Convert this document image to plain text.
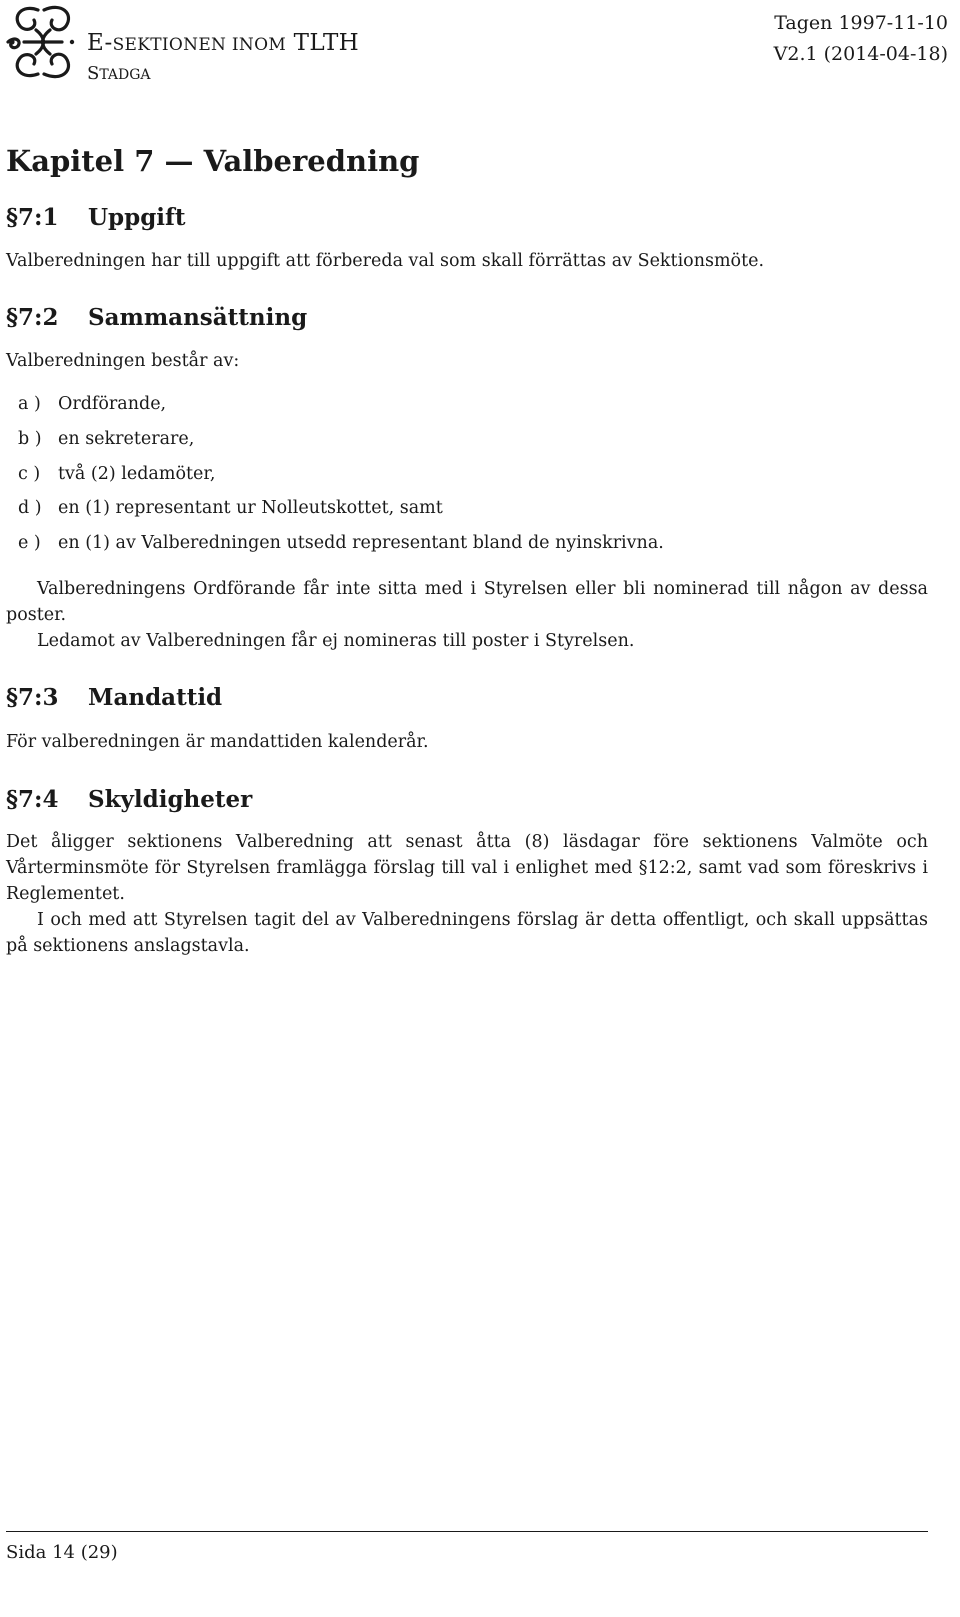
E-SEKTIONEN INOM TLTH
STADGA
Tagen 1997-11-10
V2.1 (2014-04-18)
Kapitel 7 — Valberedning
§7:1 Uppgift
Valberedningen har till uppgift att förbereda val som skall förrättas av Sektionsmöte.
§7:2 Sammansättning
Valberedningen består av:
a ) Ordförande,
b ) en sekreterare,
c ) två (2) ledamöter,
d ) en (1) representant ur Nolleutskottet, samt
e ) en (1) av Valberedningen utsedd representant bland de nyinskrivna.
Valberedningens Ordförande får inte sitta med i Styrelsen eller bli nominerad till någon av dessa poster.
Ledamot av Valberedningen får ej nomineras till poster i Styrelsen.
§7:3 Mandattid
För valberedningen är mandattiden kalenderår.
§7:4 Skyldigheter
Det åligger sektionens Valberedning att senast åtta (8) läsdagar före sektionens Valmöte och Vårterminsmöte för Styrelsen framlägga förslag till val i enlighet med §12:2, samt vad som föreskrivs i Reglementet.
I och med att Styrelsen tagit del av Valberedningens förslag är detta offentligt, och skall uppsättas på sektionens anslagstavla.
Sida 14 (29)
